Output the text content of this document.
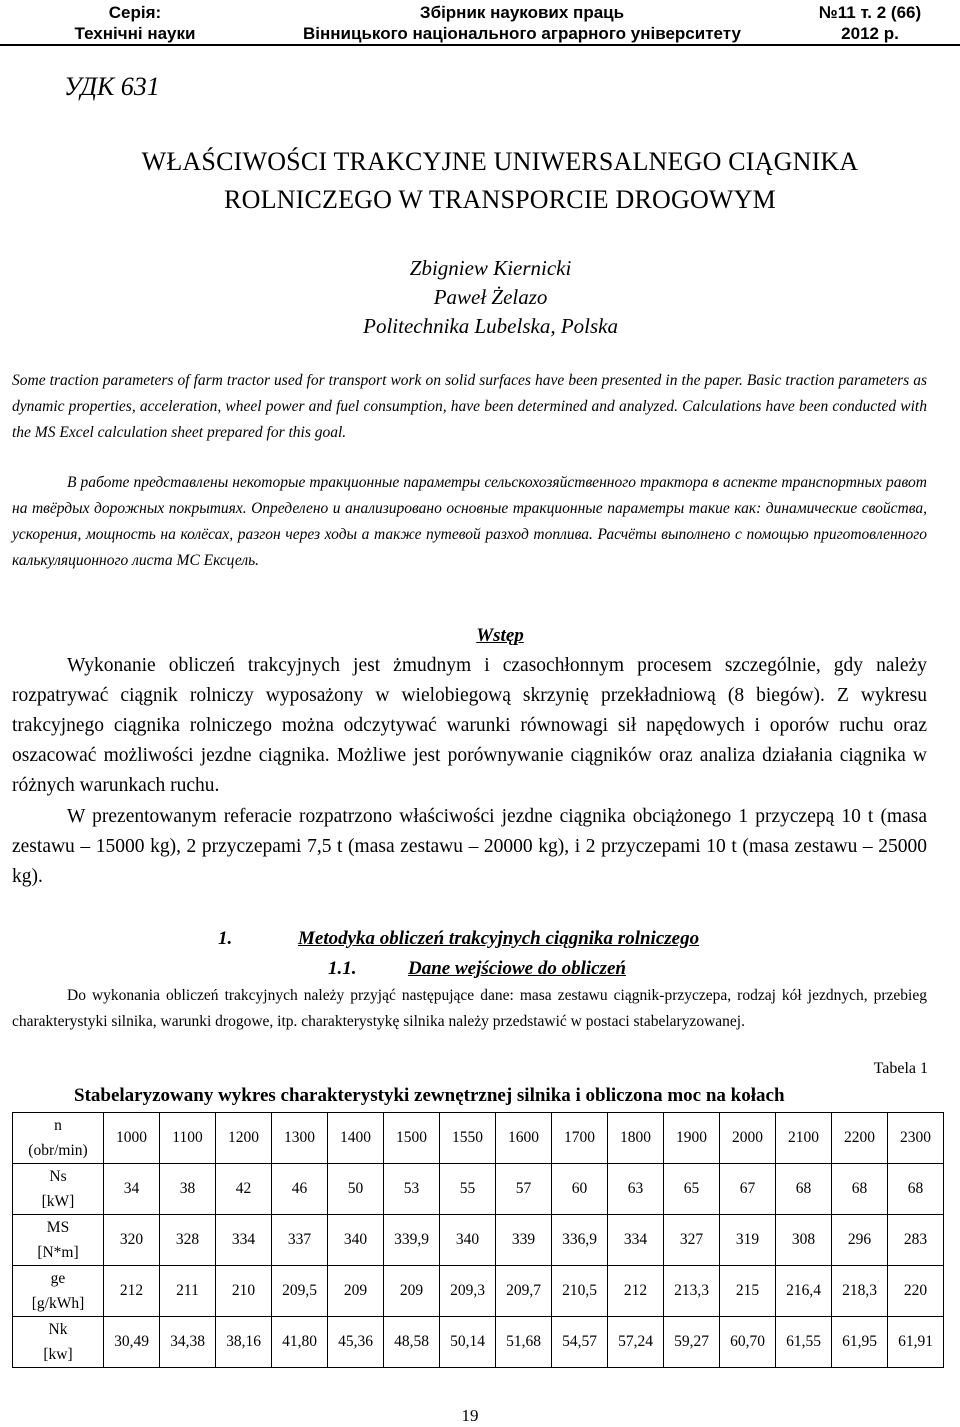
Серія:
Технічні науки
Збірник наукових праць
Вінницького національного аграрного університету
№11 т. 2 (66)
2012 р.
УДК 631
WŁAŚCIWOŚCI TRAKCYJNE UNIWERSALNEGO CIĄGNIKA
ROLNICZEGO W TRANSPORCIE DROGOWYM
Zbigniew Kiernicki
Paweł Żelazo
Politechnika Lubelska, Polska

Some traction parameters of farm tractor used for transport work on solid surfaces have been presented in the paper. Basic traction parameters as dynamic properties, acceleration, wheel power and fuel consumption, have been determined and analyzed. Calculations have been conducted with the MS Excel calculation sheet prepared for this goal.

В работе представлены некоторые тракционные параметры сельскохозяйственного трактора в аспекте транспортных равот на твёрдых дорожных покрытиях. Определено и анализировано основные тракционные параметры такие как: динамические свойства, ускорения, мощность на колёсах, разгон через ходы а также путевой разход топлива. Расчёты выполнено с помощью приготовленного калькуляционного листа МС Ексцель.

Wstęp

Wykonanie obliczeń trakcyjnych jest żmudnym i czasochłonnym procesem szczególnie, gdy należy rozpatrywać ciągnik rolniczy wyposażony w wielobiegową skrzynię przekładniową (8 biegów). Z wykresu trakcyjnego ciągnika rolniczego można odczytywać warunki równowagi sił napędowych i oporów ruchu oraz oszacować możliwości jezdne ciągnika. Możliwe jest porównywanie ciągników oraz analiza działania ciągnika w różnych warunkach ruchu.

W prezentowanym referacie rozpatrzono właściwości jezdne ciągnika obciążonego 1 przyczepą 10 t (masa zestawu – 15000 kg), 2 przyczepami 7,5 t (masa zestawu – 20000 kg), i 2 przyczepami 10 t (masa zestawu – 25000 kg).

1.	Metodyka obliczeń trakcyjnych ciągnika rolniczego
1.1.	Dane wejściowe do obliczeń

Do wykonania obliczeń trakcyjnych należy przyjąć następujące dane: masa zestawu ciągnik-przyczepa, rodzaj kół jezdnych, przebieg charakterystyki silnika, warunki drogowe, itp. charakterystykę silnika należy przedstawić w postaci stabelaryzowanej.

Tabela 1
Stabelaryzowany wykres charakterystyki zewnętrznej silnika i obliczona moc na kołach
n
(obr/min)	1000	1100	1200	1300	1400	1500	1550	1600	1700	1800	1900	2000	2100	2200	2300

Ns
[kW]	34	38	42	46	50	53	55	57	60	63	65	67	68	68	68

MS
[N*m]	320	328	334	337	340	339,9	340	339	336,9	334	327	319	308	296	283

ge
[g/kWh]	212	211	210	209,5	209	209	209,3	209,7	210,5	212	213,3	215	216,4	218,3	220

Nk
[kw]	30,49	34,38	38,16	41,80	45,36	48,58	50,14	51,68	54,57	57,24	59,27	60,70	61,55	61,95	61,91
19
